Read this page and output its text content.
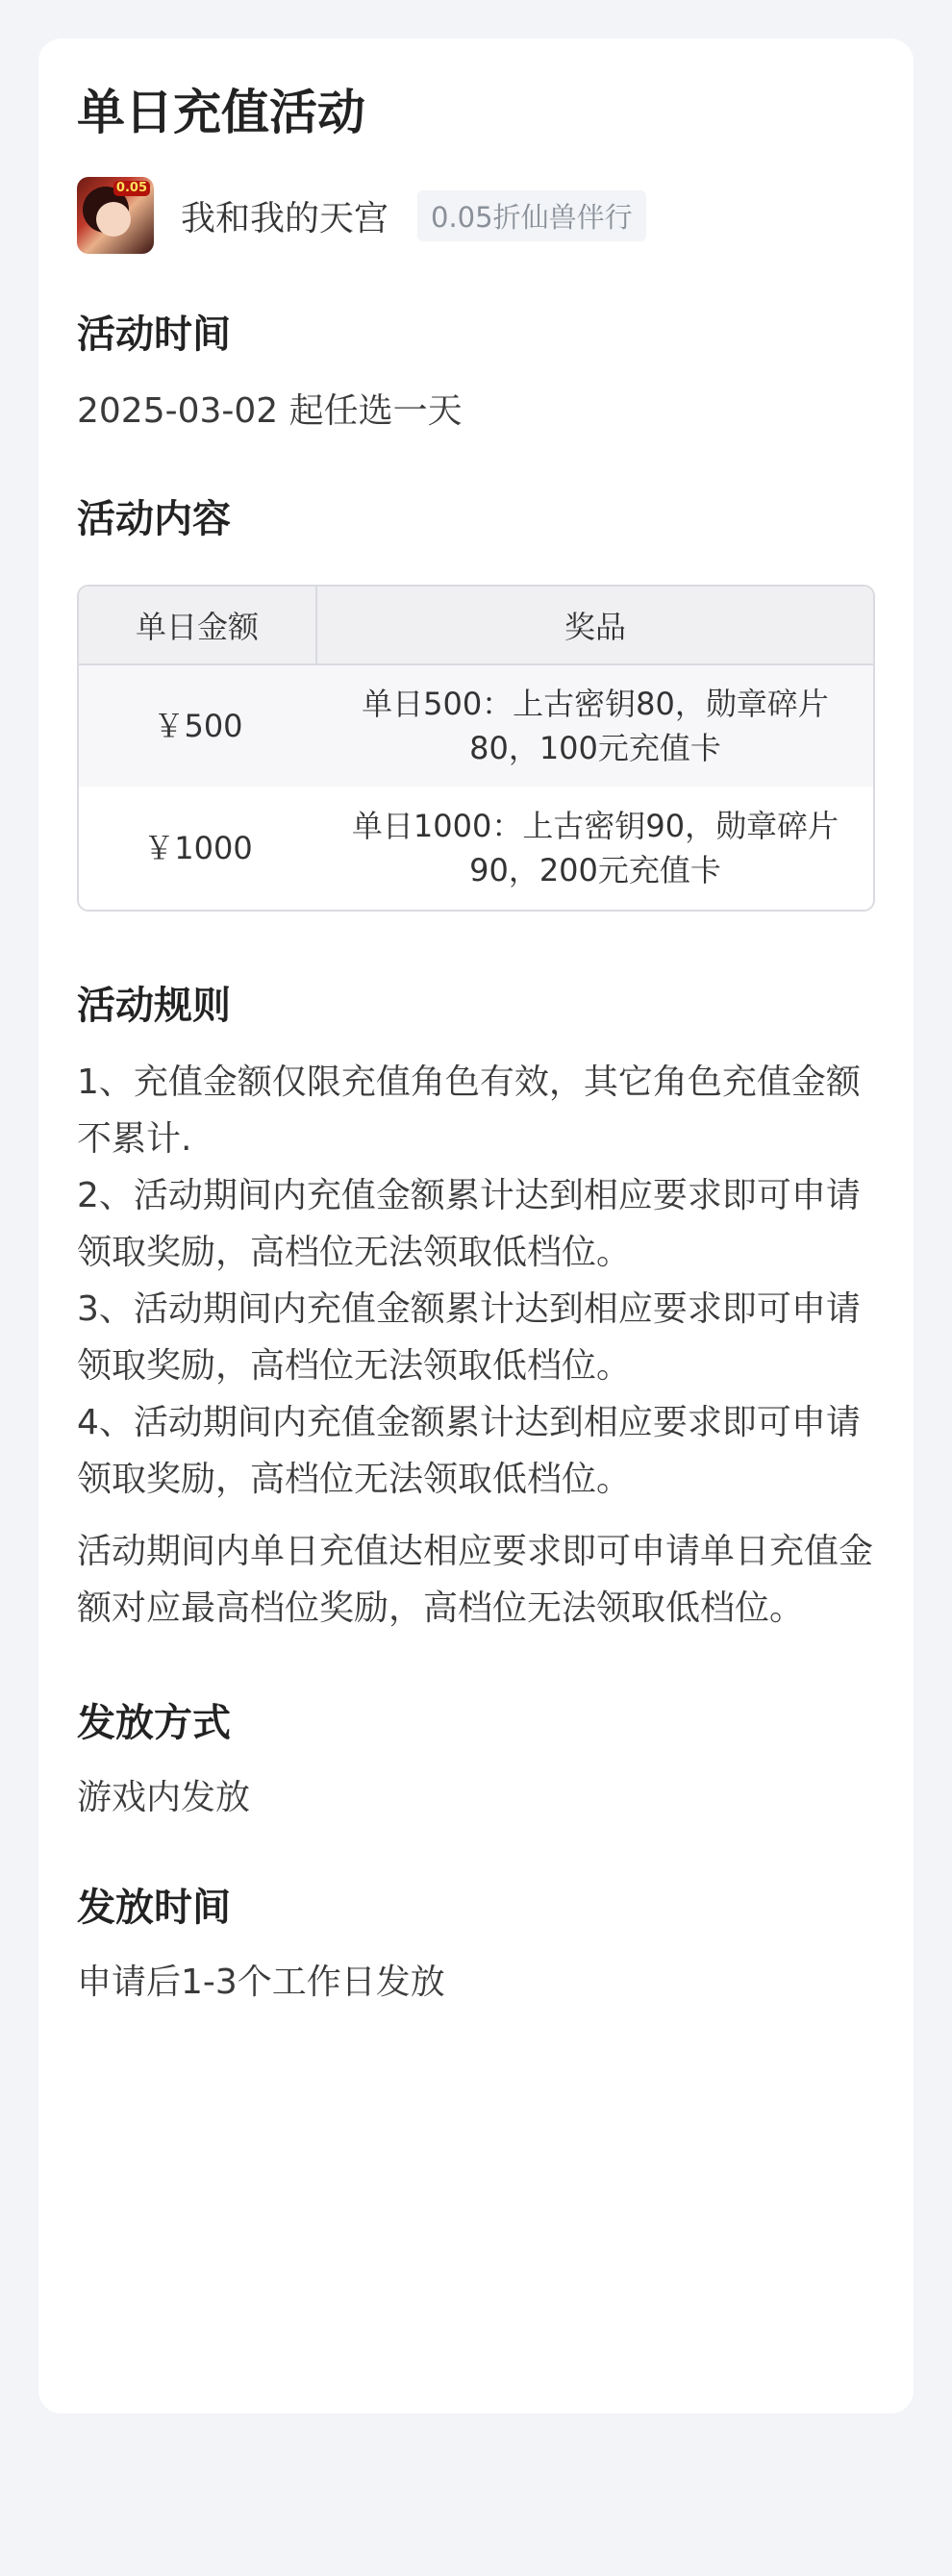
单日充值活动
0.05
我和我的天宫	0.05折仙兽伴行
活动时间
2025-03-02 起任选一天
活动内容
单日金额	奖品
￥500	单日500：上古密钥80，勋章碎片80，100元充值卡
￥1000	单日1000：上古密钥90，勋章碎片90，200元充值卡
活动规则
1、充值金额仅限充值角色有效，其它角色充值金额不累计.
2、活动期间内充值金额累计达到相应要求即可申请领取奖励，高档位无法领取低档位。
3、活动期间内充值金额累计达到相应要求即可申请领取奖励，高档位无法领取低档位。
4、活动期间内充值金额累计达到相应要求即可申请领取奖励，高档位无法领取低档位。
活动期间内单日充值达相应要求即可申请单日充值金额对应最高档位奖励，高档位无法领取低档位。
发放方式
游戏内发放
发放时间
申请后1-3个工作日发放
